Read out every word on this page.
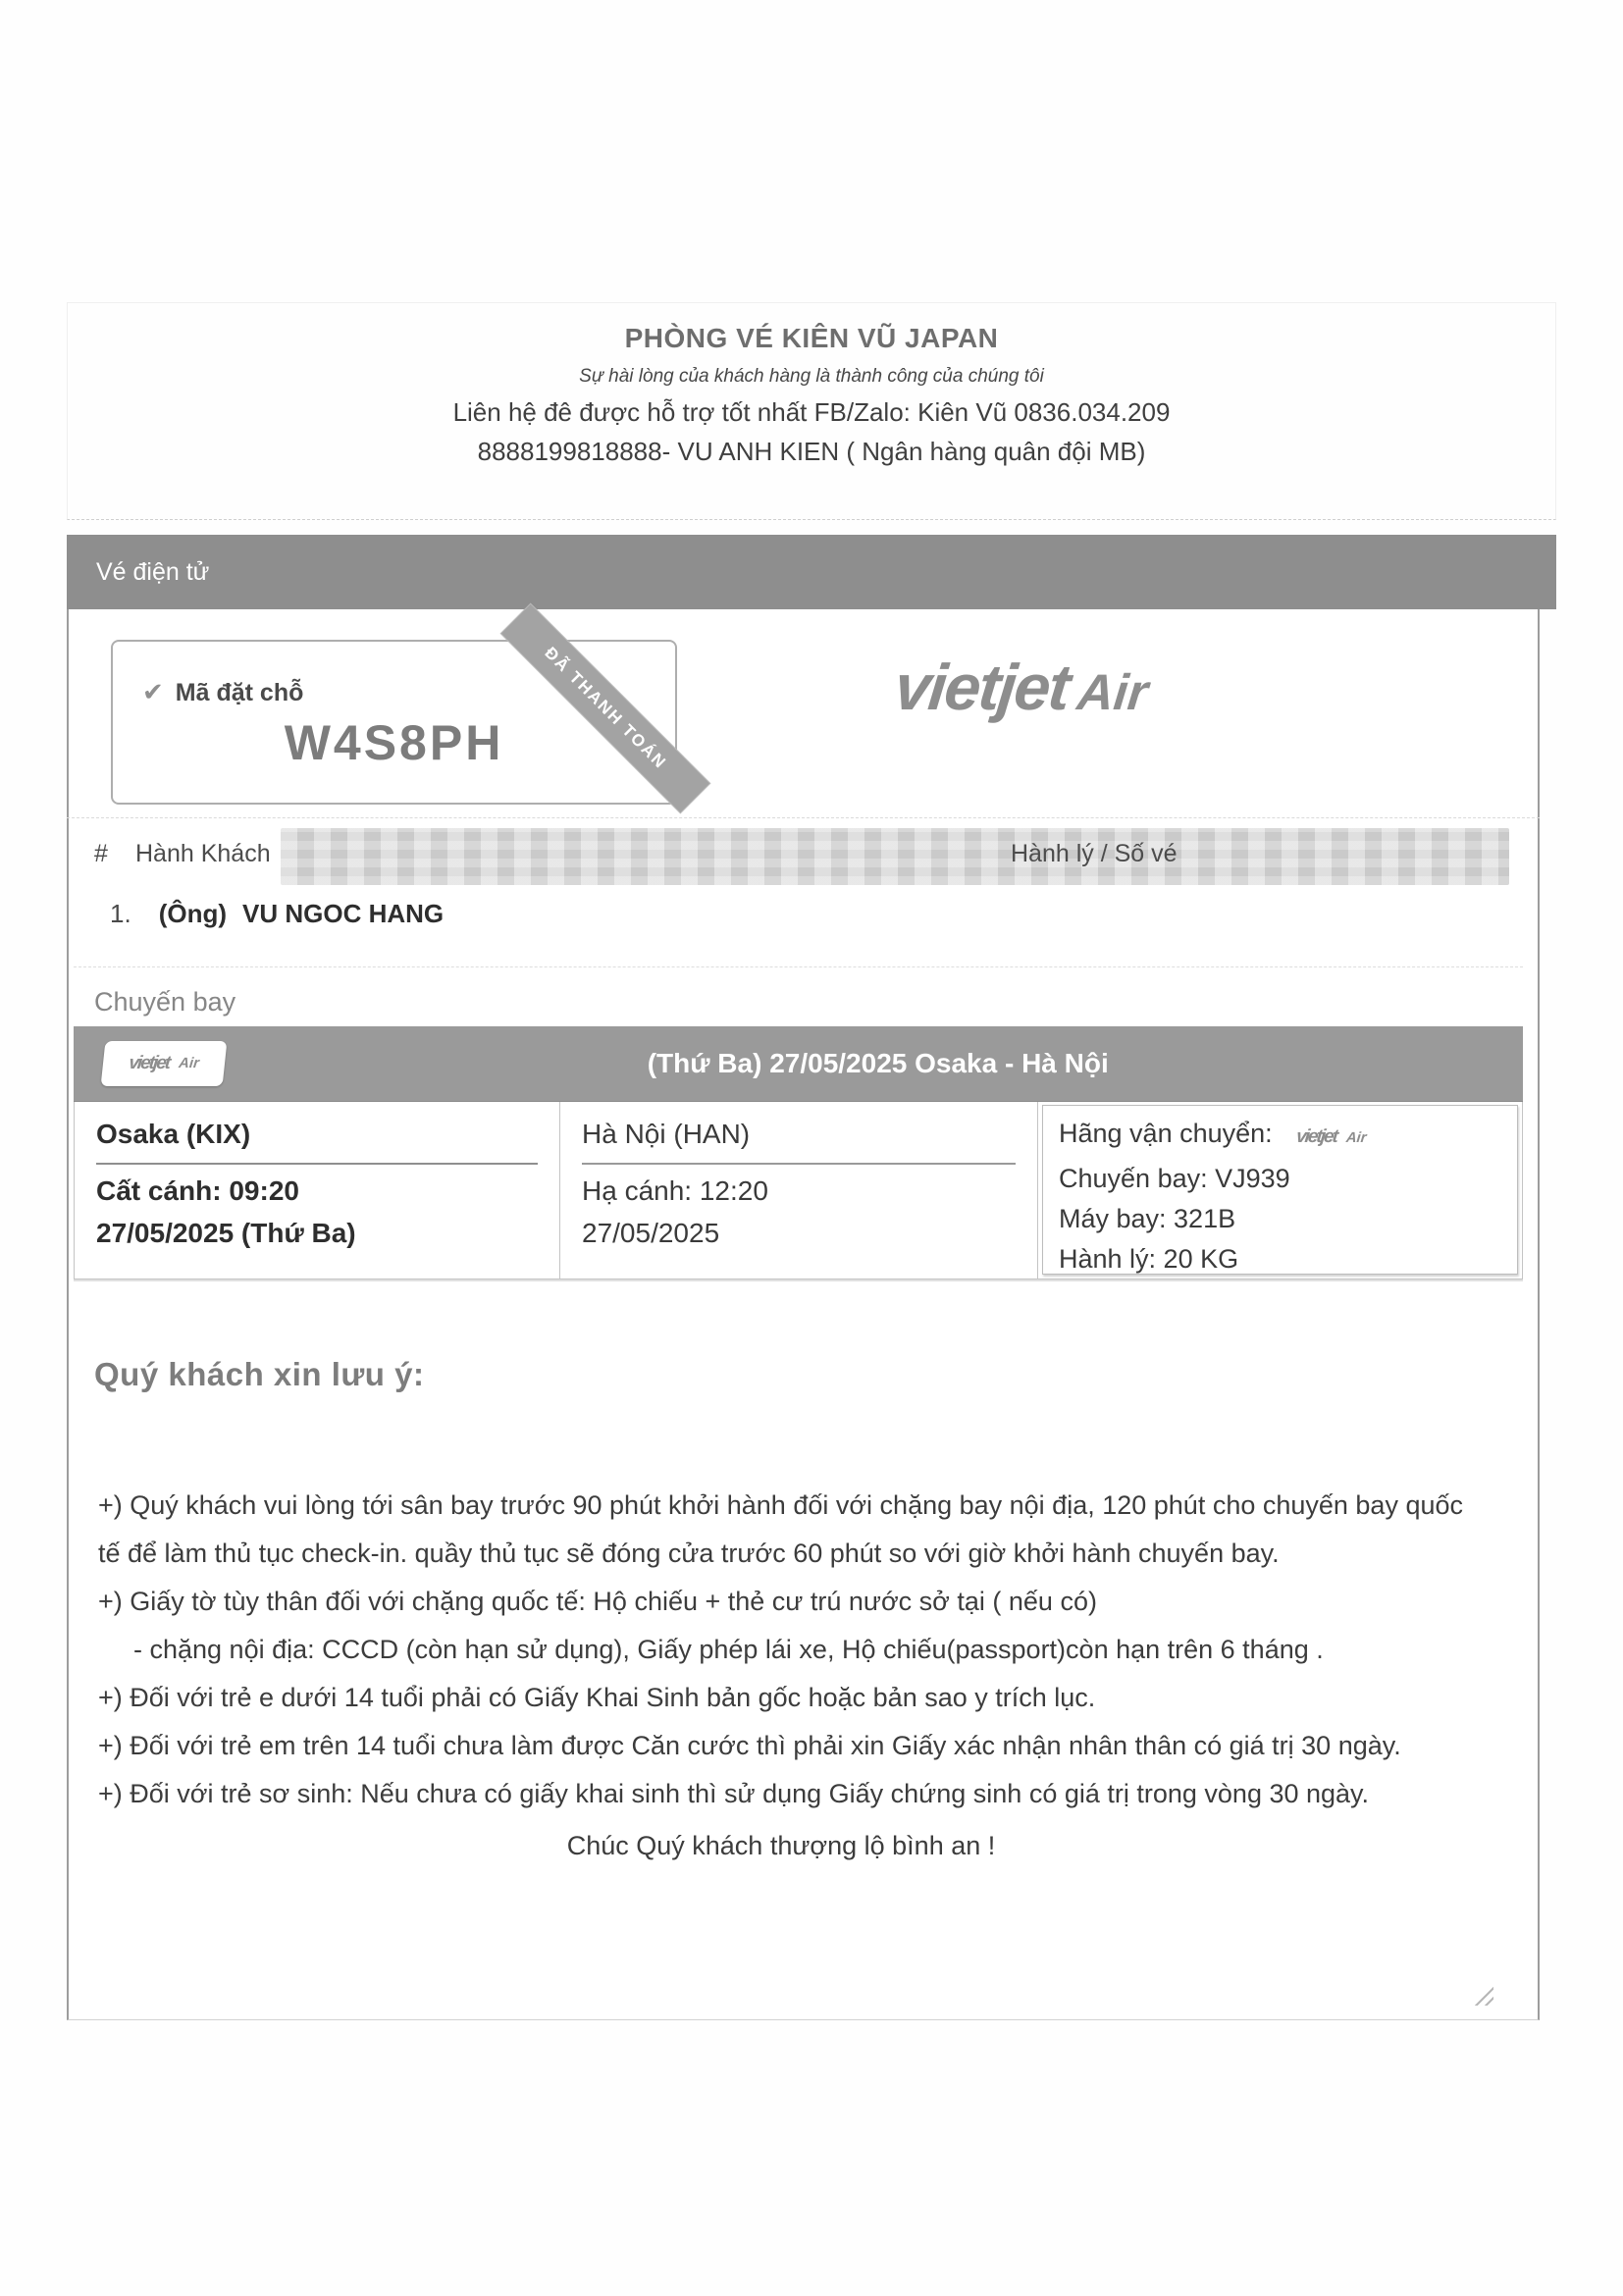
PHÒNG VÉ KIÊN VŨ JAPAN
Sự hài lòng của khách hàng là thành công của chúng tôi
Liên hệ đê được hỗ trợ tốt nhất FB/Zalo: Kiên Vũ 0836.034.209
8888199818888- VU ANH KIEN ( Ngân hàng quân đội MB)
Vé điện tử
✔ Mã đặt chỗ
W4S8PH	ĐÃ THANH TOÁN	vietjetAir
# Hành Khách	Hành lý / Số vé
1. (Ông) VU NGOC HANG
Chuyến bay
vietjet Air	(Thứ Ba) 27/05/2025 Osaka - Hà Nội
Osaka (KIX)
Cất cánh: 09:20
27/05/2025 (Thứ Ba)
Hà Nội (HAN)
Hạ cánh: 12:20
27/05/2025
Hãng vận chuyển: vietjet Air
Chuyến bay: VJ939
Máy bay: 321B
Hành lý: 20 KG
Quý khách xin lưu ý:

+) Quý khách vui lòng tới sân bay trước 90 phút khởi hành đối với chặng bay nội địa, 120 phút cho chuyến bay quốc tế để làm thủ tục check-in. quầy thủ tục sẽ đóng cửa trước 60 phút so với giờ khởi hành chuyến bay.

+) Giấy tờ tùy thân đối với chặng quốc tế: Hộ chiếu + thẻ cư trú nước sở tại ( nếu có)

- chặng nội địa: CCCD (còn hạn sử dụng), Giấy phép lái xe, Hộ chiếu(passport)còn hạn trên 6 tháng .

+) Đối với trẻ e dưới 14 tuổi phải có Giấy Khai Sinh bản gốc hoặc bản sao y trích lục.

+) Đối với trẻ em trên 14 tuổi chưa làm được Căn cước thì phải xin Giấy xác nhận nhân thân có giá trị 30 ngày.

+) Đối với trẻ sơ sinh: Nếu chưa có giấy khai sinh thì sử dụng Giấy chứng sinh có giá trị trong vòng 30 ngày.

Chúc Quý khách thượng lộ bình an !
